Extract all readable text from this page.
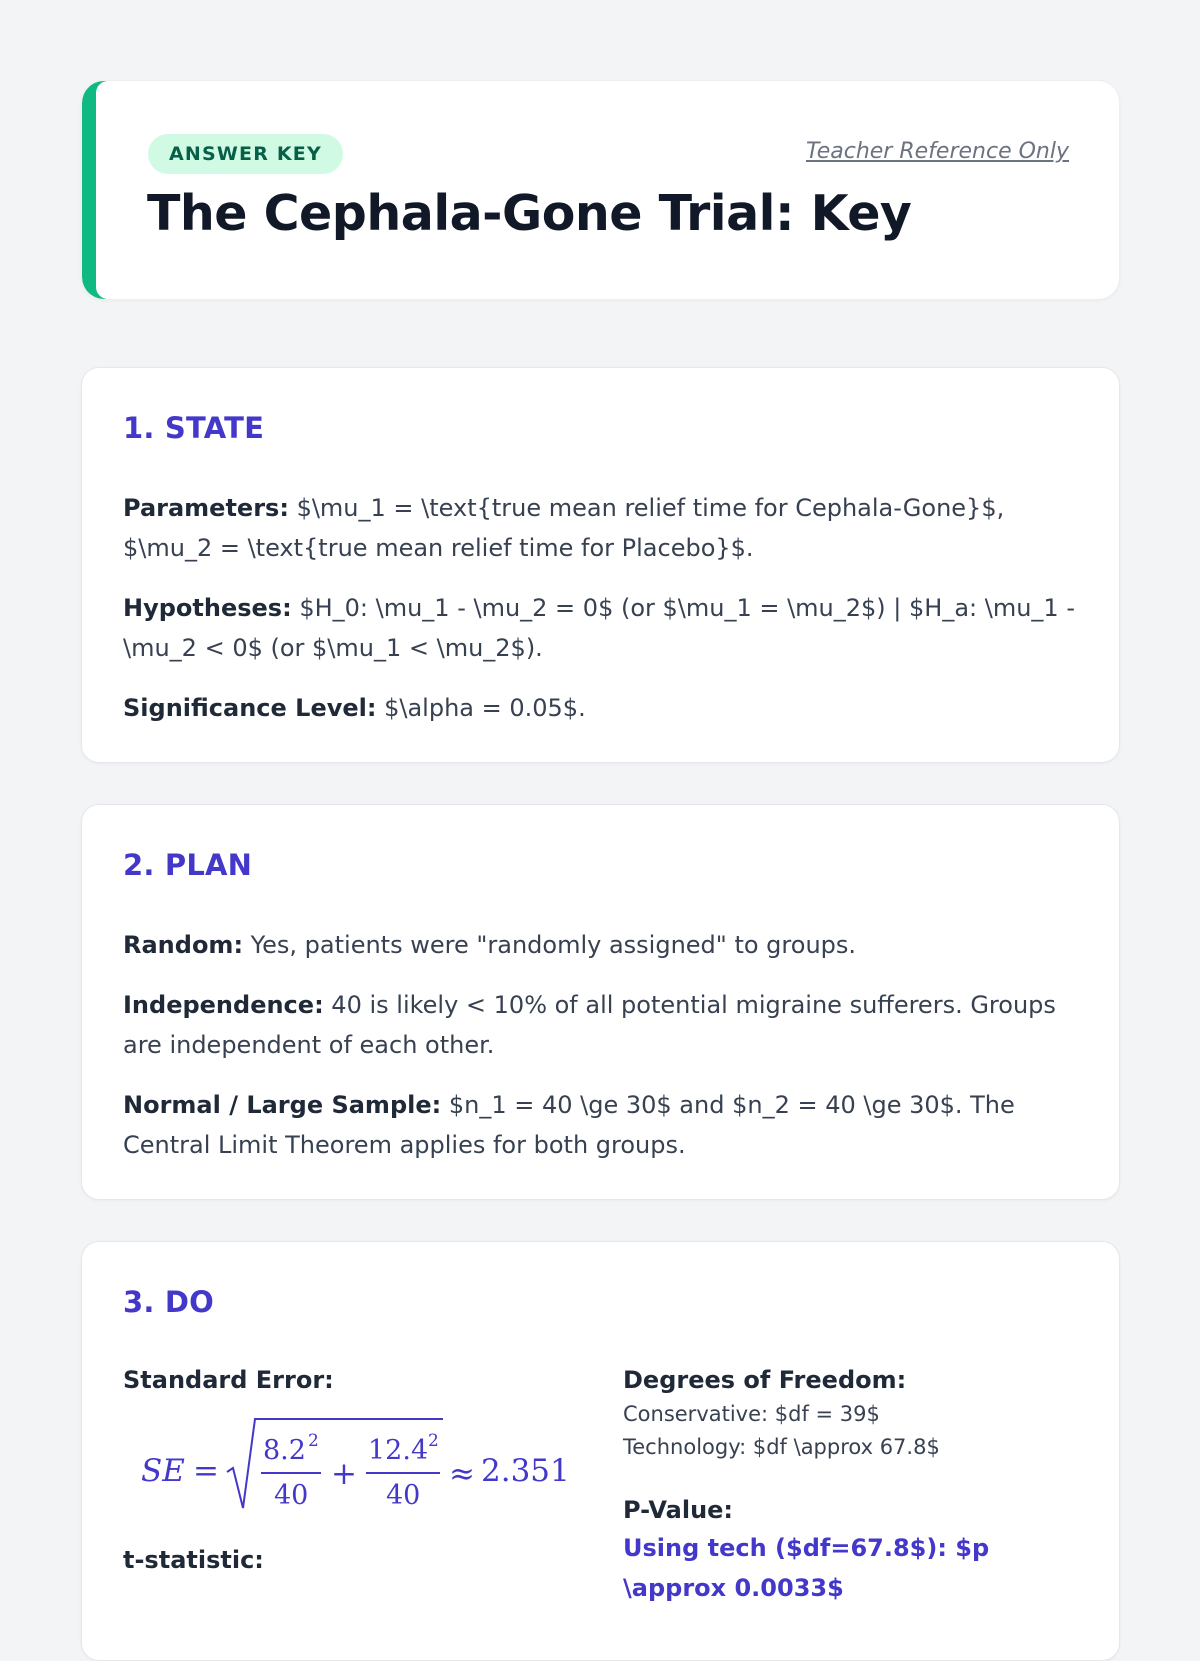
ANSWER KEY	Teacher Reference Only
The Cephala-Gone Trial: Key
1. STATE

Parameters: $\mu_1 = \text{true mean relief time for Cephala-Gone}$, $\mu_2 = \text{true mean relief time for Placebo}$.

Hypotheses: $H_0: \mu_1 - \mu_2 = 0$ (or $\mu_1 = \mu_2$) | $H_a: \mu_1 - \mu_2 < 0$ (or $\mu_1 < \mu_2$).

Significance Level: $\alpha = 0.05$.

2. PLAN

Random: Yes, patients were "randomly assigned" to groups.

Independence: 40 is likely < 10% of all potential migraine sufferers. Groups are independent of each other.

Normal / Large Sample: $n_1 = 40 \ge 30$ and $n_2 = 40 \ge 30$. The Central Limit Theorem applies for both groups.

3. DO

Standard Error:

SE =
8.2 2
40
+
12.4 2
40
≈ 2.351

t-statistic:

Degrees of Freedom:

Conservative: $df = 39$

Technology: $df \approx 67.8$

P-Value:

Using tech ($df=67.8$): $p \approx 0.0033$
